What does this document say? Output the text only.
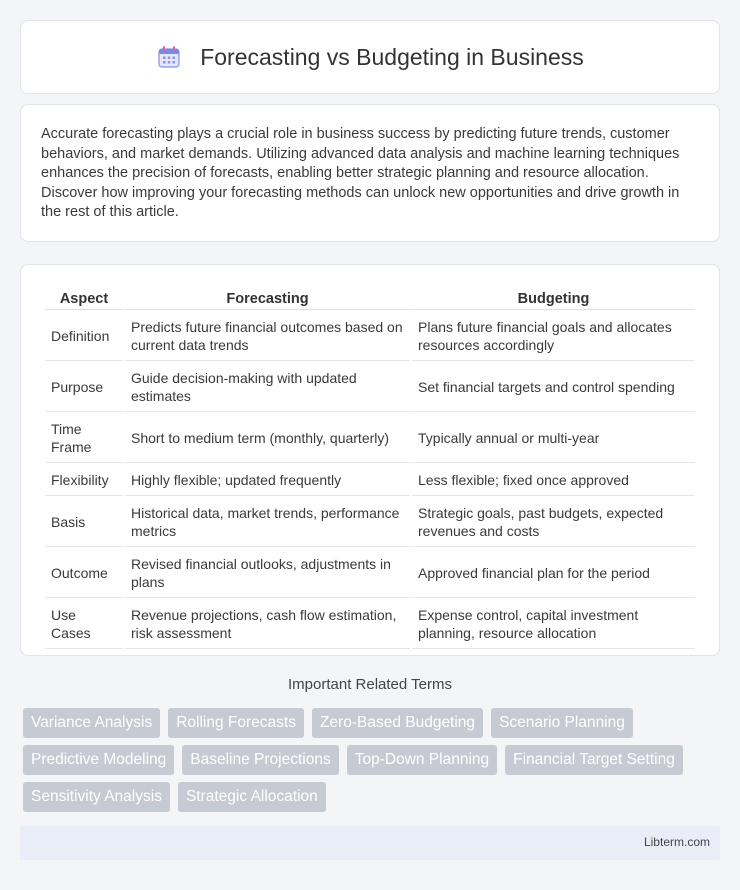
Forecasting vs Budgeting in Business

Accurate forecasting plays a crucial role in business success by predicting future trends, customer behaviors, and market demands. Utilizing advanced data analysis and machine learning techniques enhances the precision of forecasts, enabling better strategic planning and resource allocation. Discover how improving your forecasting methods can unlock new opportunities and drive growth in the rest of this article.

Aspect	Forecasting	Budgeting
Definition	Predicts future financial outcomes based on current data trends	Plans future financial goals and allocates resources accordingly
Purpose	Guide decision-making with updated estimates	Set financial targets and control spending
Time Frame	Short to medium term (monthly, quarterly)	Typically annual or multi-year
Flexibility	Highly flexible; updated frequently	Less flexible; fixed once approved
Basis	Historical data, market trends, performance metrics	Strategic goals, past budgets, expected revenues and costs
Outcome	Revised financial outlooks, adjustments in plans	Approved financial plan for the period
Use Cases	Revenue projections, cash flow estimation, risk assessment	Expense control, capital investment planning, resource allocation
Important Related Terms
Variance Analysis	Rolling Forecasts	Zero-Based Budgeting	Scenario Planning
Predictive Modeling	Baseline Projections	Top-Down Planning	Financial Target Setting
Sensitivity Analysis	Strategic Allocation
Libterm.com
